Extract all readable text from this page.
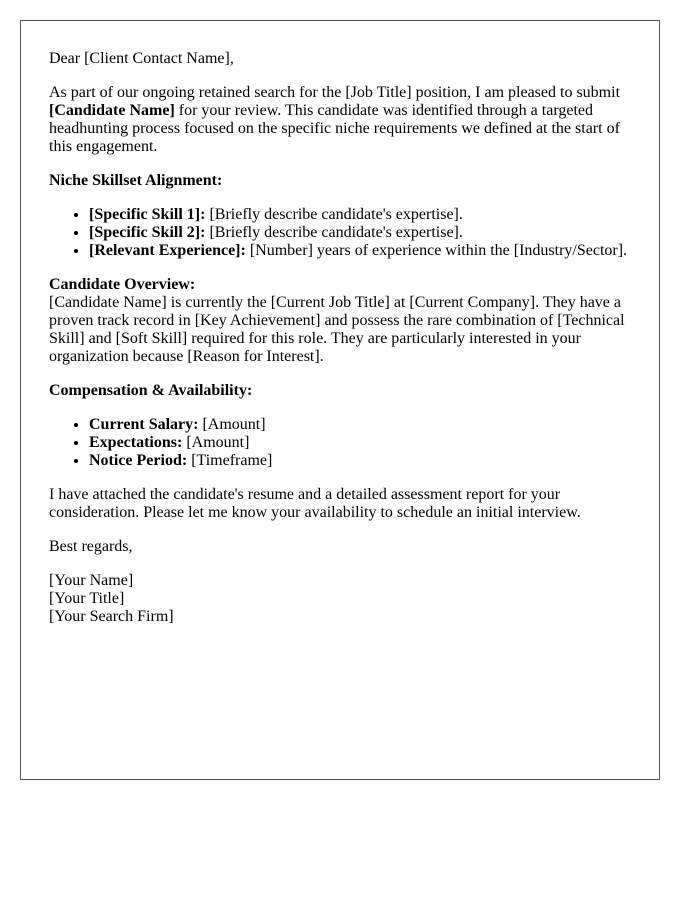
Dear [Client Contact Name],

As part of our ongoing retained search for the [Job Title] position, I am pleased to submit [Candidate Name] for your review. This candidate was identified through a targeted headhunting process focused on the specific niche requirements we defined at the start of this engagement.

Niche Skillset Alignment:

• [Specific Skill 1]: [Briefly describe candidate's expertise].
• [Specific Skill 2]: [Briefly describe candidate's expertise].
• [Relevant Experience]: [Number] years of experience within the [Industry/Sector].
Candidate Overview:
[Candidate Name] is currently the [Current Job Title] at [Current Company]. They have a proven track record in [Key Achievement] and possess the rare combination of [Technical Skill] and [Soft Skill] required for this role. They are particularly interested in your organization because [Reason for Interest].

Compensation & Availability:

• Current Salary: [Amount]
• Expectations: [Amount]
• Notice Period: [Timeframe]

I have attached the candidate's resume and a detailed assessment report for your consideration. Please let me know your availability to schedule an initial interview.

Best regards,

[Your Name]
[Your Title]
[Your Search Firm]
